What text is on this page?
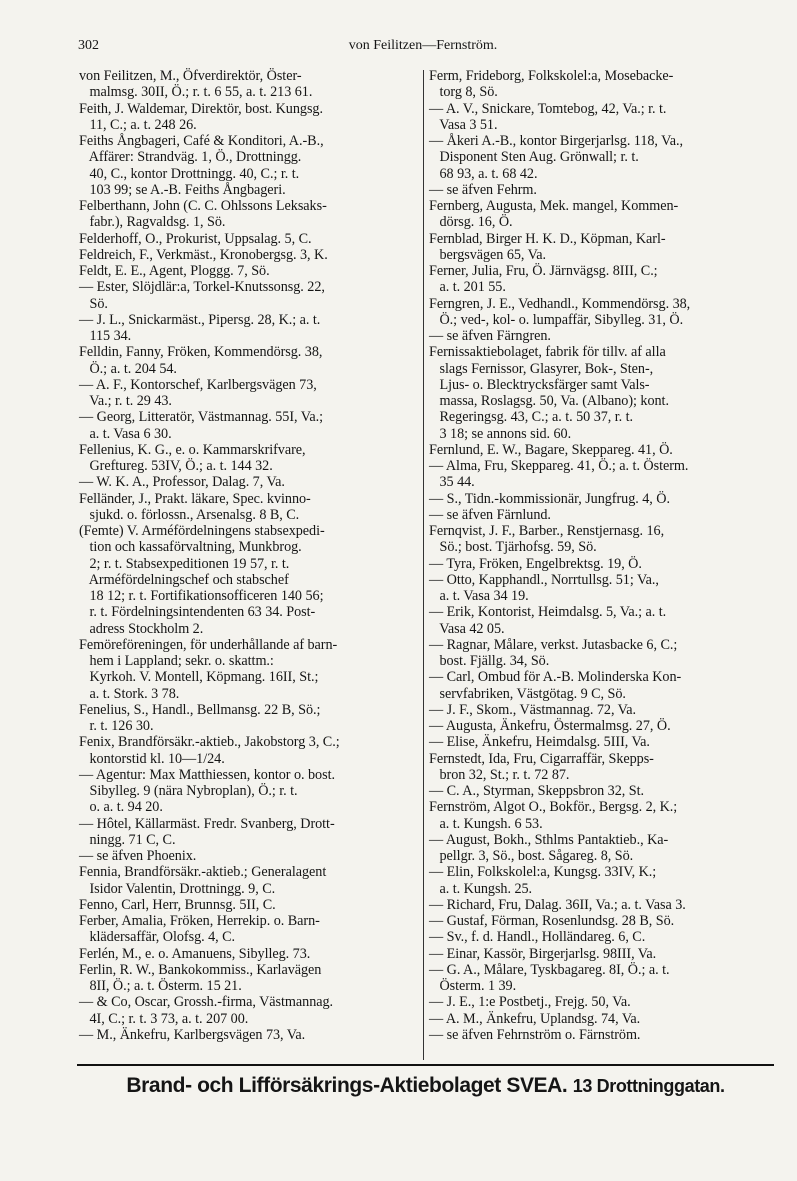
302	von Feilitzen—Fernström.
von Feilitzen, M., Öfverdirektör, Öster-
malmsg. 30II, Ö.; r. t. 6 55, a. t. 213 61.
Feith, J. Waldemar, Direktör, bost. Kungsg.
11, C.; a. t. 248 26.
Feiths Ångbageri, Café & Konditori, A.-B.,
Affärer: Strandväg. 1, Ö., Drottningg.
40, C., kontor Drottningg. 40, C.; r. t.
103 99; se A.-B. Feiths Ångbageri.
Felberthann, John (C. C. Ohlssons Leksaks-
fabr.), Ragvaldsg. 1, Sö.
Felderhoff, O., Prokurist, Uppsalag. 5, C.
Feldreich, F., Verkmäst., Kronobergsg. 3, K.
Feldt, E. E., Agent, Ploggg. 7, Sö.
— Ester, Slöjdlär:a, Torkel-Knutssonsg. 22,
Sö.
— J. L., Snickarmäst., Pipersg. 28, K.; a. t.
115 34.
Felldin, Fanny, Fröken, Kommendörsg. 38,
Ö.; a. t. 204 54.
— A. F., Kontorschef, Karlbergsvägen 73,
Va.; r. t. 29 43.
— Georg, Litteratör, Västmannag. 55I, Va.;
a. t. Vasa 6 30.
Fellenius, K. G., e. o. Kammarskrifvare,
Greftureg. 53IV, Ö.; a. t. 144 32.
— W. K. A., Professor, Dalag. 7, Va.
Felländer, J., Prakt. läkare, Spec. kvinno-
sjukd. o. förlossn., Arsenalsg. 8 B, C.
(Femte) V. Arméfördelningens stabsexpedi-
tion och kassaförvaltning, Munkbrog.
2; r. t. Stabsexpeditionen 19 57, r. t.
Arméfördelningschef och stabschef
18 12; r. t. Fortifikationsofficeren 140 56;
r. t. Fördelningsintendenten 63 34. Post-
adress Stockholm 2.
Femöreföreningen, för underhållande af barn-
hem i Lappland; sekr. o. skattm.:
Kyrkoh. V. Montell, Köpmang. 16II, St.;
a. t. Stork. 3 78.
Fenelius, S., Handl., Bellmansg. 22 B, Sö.;
r. t. 126 30.
Fenix, Brandförsäkr.-aktieb., Jakobstorg 3, C.;
kontorstid kl. 10—1/24.
— Agentur: Max Matthiessen, kontor o. bost.
Sibylleg. 9 (nära Nybroplan), Ö.; r. t.
o. a. t. 94 20.
— Hôtel, Källarmäst. Fredr. Svanberg, Drott-
ningg. 71 C, C.
— se äfven Phoenix.
Fennia, Brandförsäkr.-aktieb.; Generalagent
Isidor Valentin, Drottningg. 9, C.
Fenno, Carl, Herr, Brunnsg. 5II, C.
Ferber, Amalia, Fröken, Herrekip. o. Barn-
klädersaffär, Olofsg. 4, C.
Ferlén, M., e. o. Amanuens, Sibylleg. 73.
Ferlin, R. W., Bankokommiss., Karlavägen
8II, Ö.; a. t. Österm. 15 21.
— & Co, Oscar, Grossh.-firma, Västmannag.
4I, C.; r. t. 3 73, a. t. 207 00.
— M., Änkefru, Karlbergsvägen 73, Va.
Ferm, Frideborg, Folkskolel:a, Mosebacke-
torg 8, Sö.
— A. V., Snickare, Tomtebog, 42, Va.; r. t.
Vasa 3 51.
— Åkeri A.-B., kontor Birgerjarlsg. 118, Va.,
Disponent Sten Aug. Grönwall; r. t.
68 93, a. t. 68 42.
— se äfven Fehrm.
Fernberg, Augusta, Mek. mangel, Kommen-
dörsg. 16, Ö.
Fernblad, Birger H. K. D., Köpman, Karl-
bergsvägen 65, Va.
Ferner, Julia, Fru, Ö. Järnvägsg. 8III, C.;
a. t. 201 55.
Ferngren, J. E., Vedhandl., Kommendörsg. 38,
Ö.; ved-, kol- o. lumpaffär, Sibylleg. 31, Ö.
— se äfven Färngren.
Fernissaktiebolaget, fabrik för tillv. af alla
slags Fernissor, Glasyrer, Bok-, Sten-,
Ljus- o. Blecktrycksfärger samt Vals-
massa, Roslagsg. 50, Va. (Albano); kont.
Regeringsg. 43, C.; a. t. 50 37, r. t.
3 18; se annons sid. 60.
Fernlund, E. W., Bagare, Skeppareg. 41, Ö.
— Alma, Fru, Skeppareg. 41, Ö.; a. t. Österm.
35 44.
— S., Tidn.-kommissionär, Jungfrug. 4, Ö.
— se äfven Färnlund.
Fernqvist, J. F., Barber., Renstjernasg. 16,
Sö.; bost. Tjärhofsg. 59, Sö.
— Tyra, Fröken, Engelbrektsg. 19, Ö.
— Otto, Kapphandl., Norrtullsg. 51; Va.,
a. t. Vasa 34 19.
— Erik, Kontorist, Heimdalsg. 5, Va.; a. t.
Vasa 42 05.
— Ragnar, Målare, verkst. Jutasbacke 6, C.;
bost. Fjällg. 34, Sö.
— Carl, Ombud för A.-B. Molinderska Kon-
servfabriken, Västgötag. 9 C, Sö.
— J. F., Skom., Västmannag. 72, Va.
— Augusta, Änkefru, Östermalmsg. 27, Ö.
— Elise, Änkefru, Heimdalsg. 5III, Va.
Fernstedt, Ida, Fru, Cigarraffär, Skepps-
bron 32, St.; r. t. 72 87.
— C. A., Styrman, Skeppsbron 32, St.
Fernström, Algot O., Bokför., Bergsg. 2, K.;
a. t. Kungsh. 6 53.
— August, Bokh., Sthlms Pantaktieb., Ka-
pellgr. 3, Sö., bost. Sågareg. 8, Sö.
— Elin, Folkskolel:a, Kungsg. 33IV, K.;
a. t. Kungsh. 25.
— Richard, Fru, Dalag. 36II, Va.; a. t. Vasa 3.
— Gustaf, Förman, Rosenlundsg. 28 B, Sö.
— Sv., f. d. Handl., Holländareg. 6, C.
— Einar, Kassör, Birgerjarlsg. 98III, Va.
— G. A., Målare, Tyskbagareg. 8I, Ö.; a. t.
Österm. 1 39.
— J. E., 1:e Postbetj., Frejg. 50, Va.
— A. M., Änkefru, Uplandsg. 74, Va.
— se äfven Fehrnström o. Färnström.
Brand- och Lifförsäkrings-Aktiebolaget SVEA. 13 Drottninggatan.
